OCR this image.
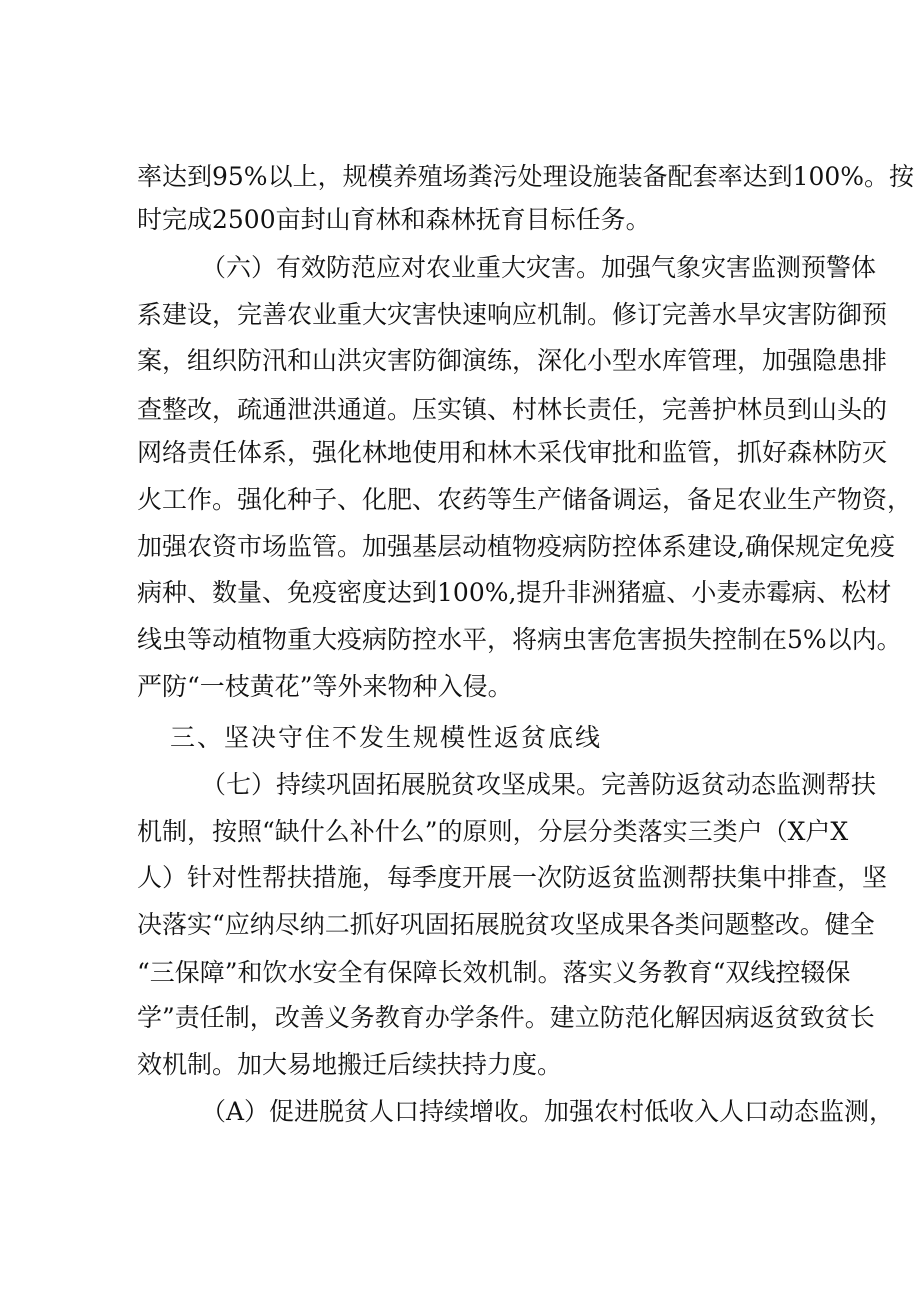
率达到95%以上，规模养殖场粪污处理设施装备配套率达到100%。按
时完成2500亩封山育林和森林抚育目标任务。
（六）有效防范应对农业重大灾害。加强气象灾害监测预警体
系建设，完善农业重大灾害快速响应机制。修订完善水旱灾害防御预
案，组织防汛和山洪灾害防御演练，深化小型水库管理，加强隐患排
查整改，疏通泄洪通道。压实镇、村林长责任，完善护林员到山头的
网络责任体系，强化林地使用和林木采伐审批和监管，抓好森林防灭
火工作。强化种子、化肥、农药等生产储备调运，备足农业生产物资，
加强农资市场监管。加强基层动植物疫病防控体系建设,确保规定免疫
病种、数量、免疫密度达到100%,提升非洲猪瘟、小麦赤霉病、松材
线虫等动植物重大疫病防控水平，将病虫害危害损失控制在5%以内。
严防“一枝黄花”等外来物种入侵。
三、坚决守住不发生规模性返贫底线
（七）持续巩固拓展脱贫攻坚成果。完善防返贫动态监测帮扶
机制，按照“缺什么补什么”的原则，分层分类落实三类户（X户X
人）针对性帮扶措施，每季度开展一次防返贫监测帮扶集中排查，坚
决落实“应纳尽纳二抓好巩固拓展脱贫攻坚成果各类问题整改。健全
“三保障”和饮水安全有保障长效机制。落实义务教育“双线控辍保
学”责任制，改善义务教育办学条件。建立防范化解因病返贫致贫长
效机制。加大易地搬迁后续扶持力度。
（A）促进脱贫人口持续增收。加强农村低收入人口动态监测，
